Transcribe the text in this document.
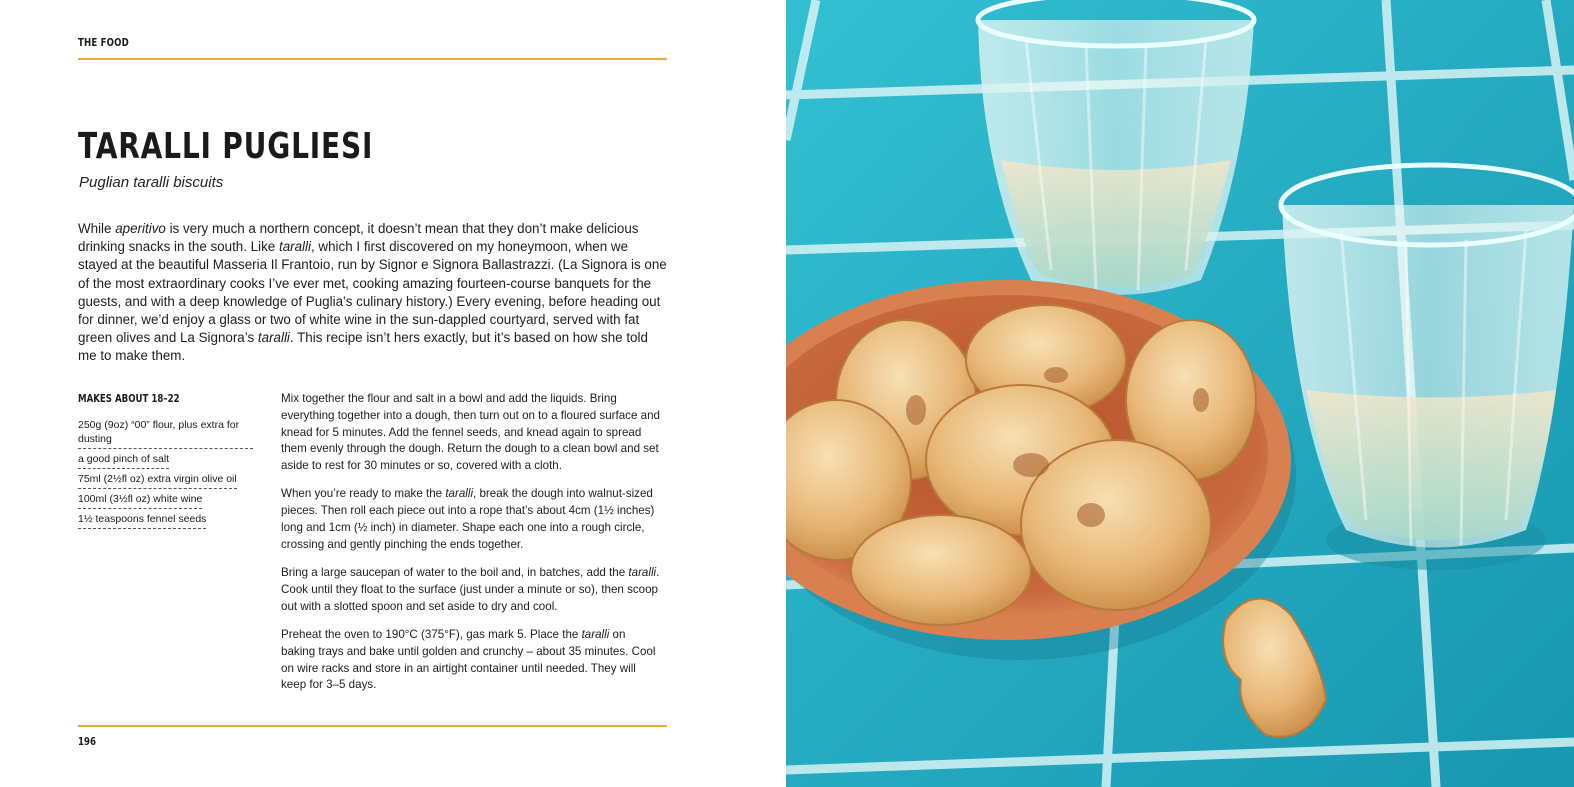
THE FOOD
TARALLI PUGLIESI
Puglian taralli biscuits

While aperitivo is very much a northern concept, it doesn’t mean that they don’t make delicious drinking snacks in the south. Like taralli, which I first discovered on my honeymoon, when we stayed at the beautiful Masseria Il Frantoio, run by Signor e Signora Ballastrazzi. (La Signora is one of the most extraordinary cooks I’ve ever met, cooking amazing fourteen-course banquets for the guests, and with a deep knowledge of Puglia’s culinary history.) Every evening, before heading out for dinner, we’d enjoy a glass or two of white wine in the sun-dappled courtyard, served with fat green olives and La Signora’s taralli. This recipe isn’t hers exactly, but it’s based on how she told me to make them.

MAKES ABOUT 18–22
250g (9oz) “00” flour, plus extra for dusting
a good pinch of salt
75ml (2½fl oz) extra virgin olive oil
100ml (3½fl oz) white wine
1½ teaspoons fennel seeds

Mix together the flour and salt in a bowl and add the liquids. Bring everything together into a dough, then turn out on to a floured surface and knead for 5 minutes. Add the fennel seeds, and knead again to spread them evenly through the dough. Return the dough to a clean bowl and set aside to rest for 30 minutes or so, covered with a cloth.

When you’re ready to make the taralli, break the dough into walnut-sized pieces. Then roll each piece out into a rope that’s about 4cm (1½ inches) long and 1cm (½ inch) in diameter. Shape each one into a rough circle, crossing and gently pinching the ends together.

Bring a large saucepan of water to the boil and, in batches, add the taralli. Cook until they float to the surface (just under a minute or so), then scoop out with a slotted spoon and set aside to dry and cool.

Preheat the oven to 190°C (375°F), gas mark 5. Place the taralli on baking trays and bake until golden and crunchy – about 35 minutes. Cool on wire racks and store in an airtight container until needed. They will keep for 3–5 days.

196
